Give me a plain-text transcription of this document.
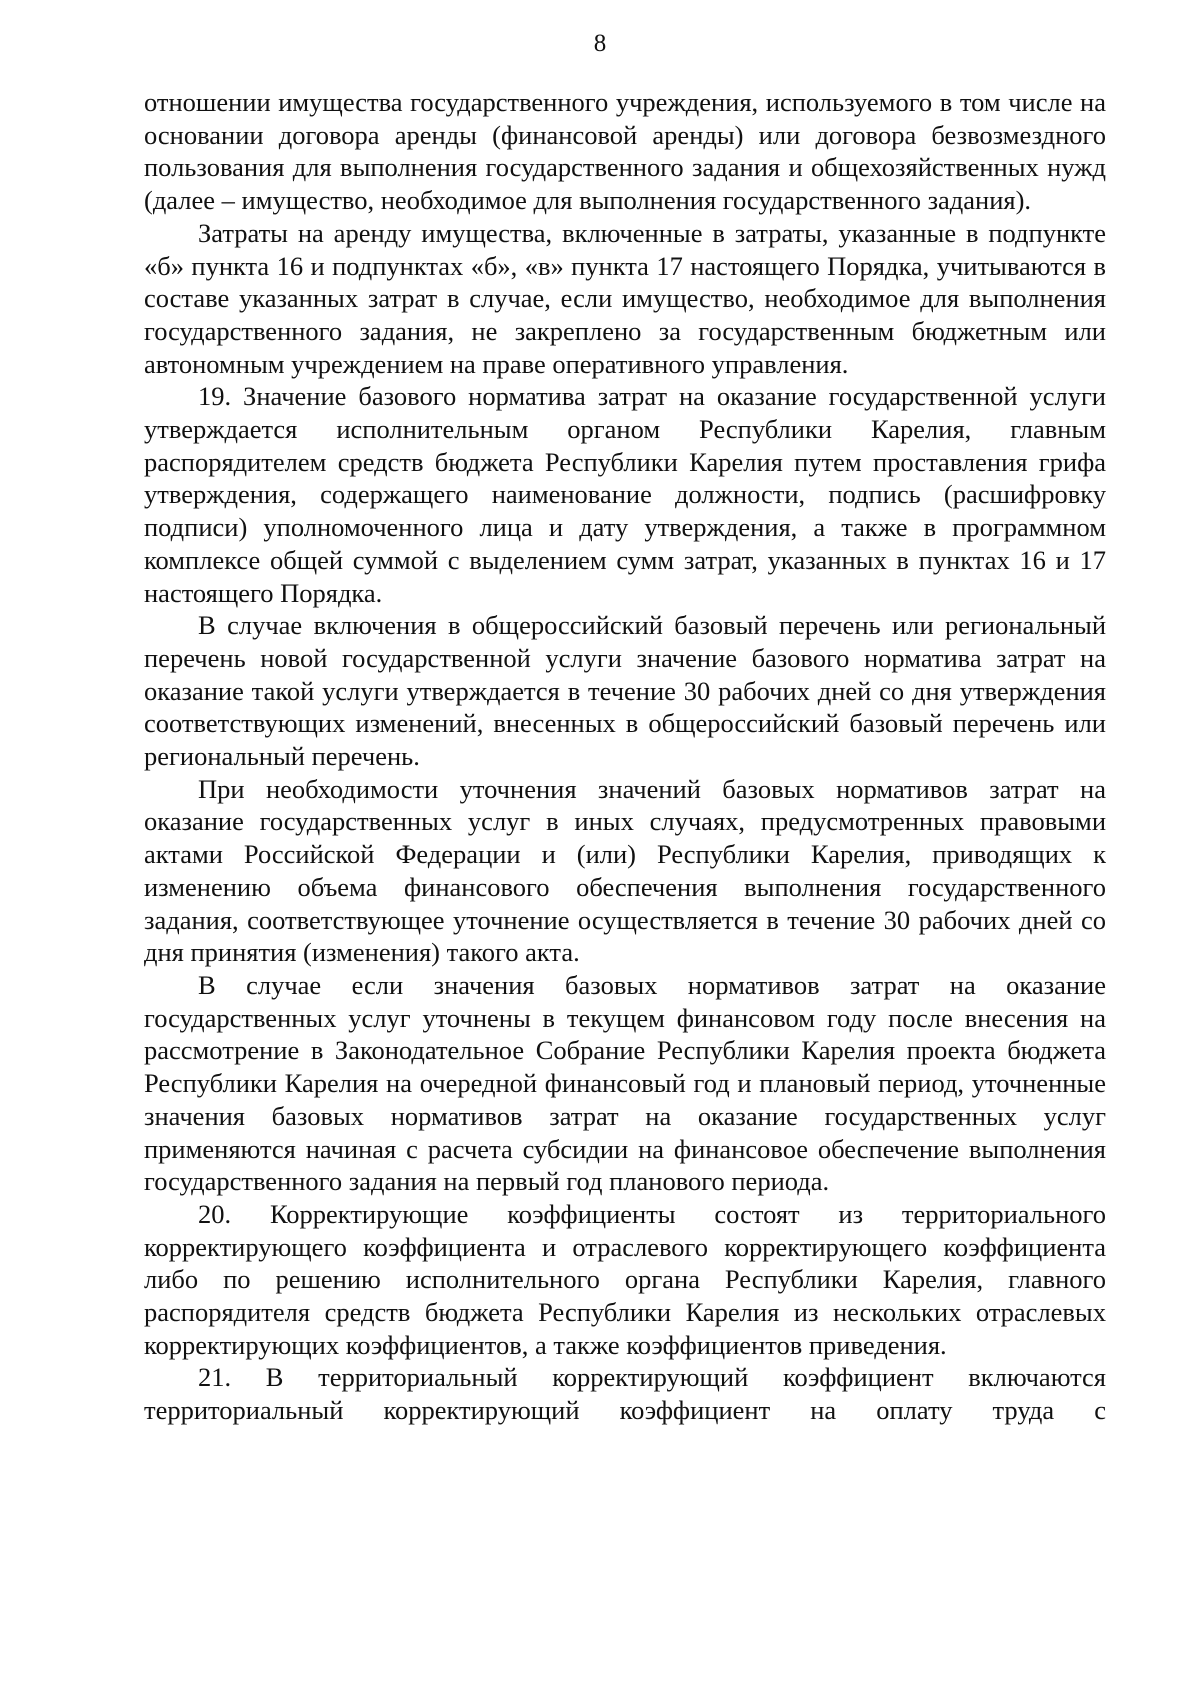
8

отношении имущества государственного учреждения, используемого в том числе на основании договора аренды (финансовой аренды) или договора безвозмездного пользования для выполнения государственного задания и общехозяйственных нужд (далее – имущество, необходимое для выполнения государственного задания).

Затраты на аренду имущества, включенные в затраты, указанные в подпункте «б» пункта 16 и подпунктах «б», «в» пункта 17 настоящего Порядка, учитываются в составе указанных затрат в случае, если имущество, необходимое для выполнения государственного задания, не закреплено за государственным бюджетным или автономным учреждением на праве оперативного управления.

19. Значение базового норматива затрат на оказание государственной услуги утверждается исполнительным органом Республики Карелия, главным распорядителем средств бюджета Республики Карелия путем проставления грифа утверждения, содержащего наименование должности, подпись (расшифровку подписи) уполномоченного лица и дату утверждения, а также в программном комплексе общей суммой с выделением сумм затрат, указанных в пунктах 16 и 17 настоящего Порядка.

В случае включения в общероссийский базовый перечень или региональный перечень новой государственной услуги значение базового норматива затрат на оказание такой услуги утверждается в течение 30 рабочих дней со дня утверждения соответствующих изменений, внесенных в общероссийский базовый перечень или региональный перечень.

При необходимости уточнения значений базовых нормативов затрат на оказание государственных услуг в иных случаях, предусмотренных правовыми актами Российской Федерации и (или) Республики Карелия, приводящих к изменению объема финансового обеспечения выполнения государственного задания, соответствующее уточнение осуществляется в течение 30 рабочих дней со дня принятия (изменения) такого акта.

В случае если значения базовых нормативов затрат на оказание государственных услуг уточнены в текущем финансовом году после внесения на рассмотрение в Законодательное Собрание Республики Карелия проекта бюджета Республики Карелия на очередной финансовый год и плановый период, уточненные значения базовых нормативов затрат на оказание государственных услуг применяются начиная с расчета субсидии на финансовое обеспечение выполнения государственного задания на первый год планового периода.

20. Корректирующие коэффициенты состоят из территориального корректирующего коэффициента и отраслевого корректирующего коэффициента либо по решению исполнительного органа Республики Карелия, главного распорядителя средств бюджета Республики Карелия из нескольких отраслевых корректирующих коэффициентов, а также коэффициентов приведения.

21. В территориальный корректирующий коэффициент включаются территориальный корректирующий коэффициент на оплату труда с
